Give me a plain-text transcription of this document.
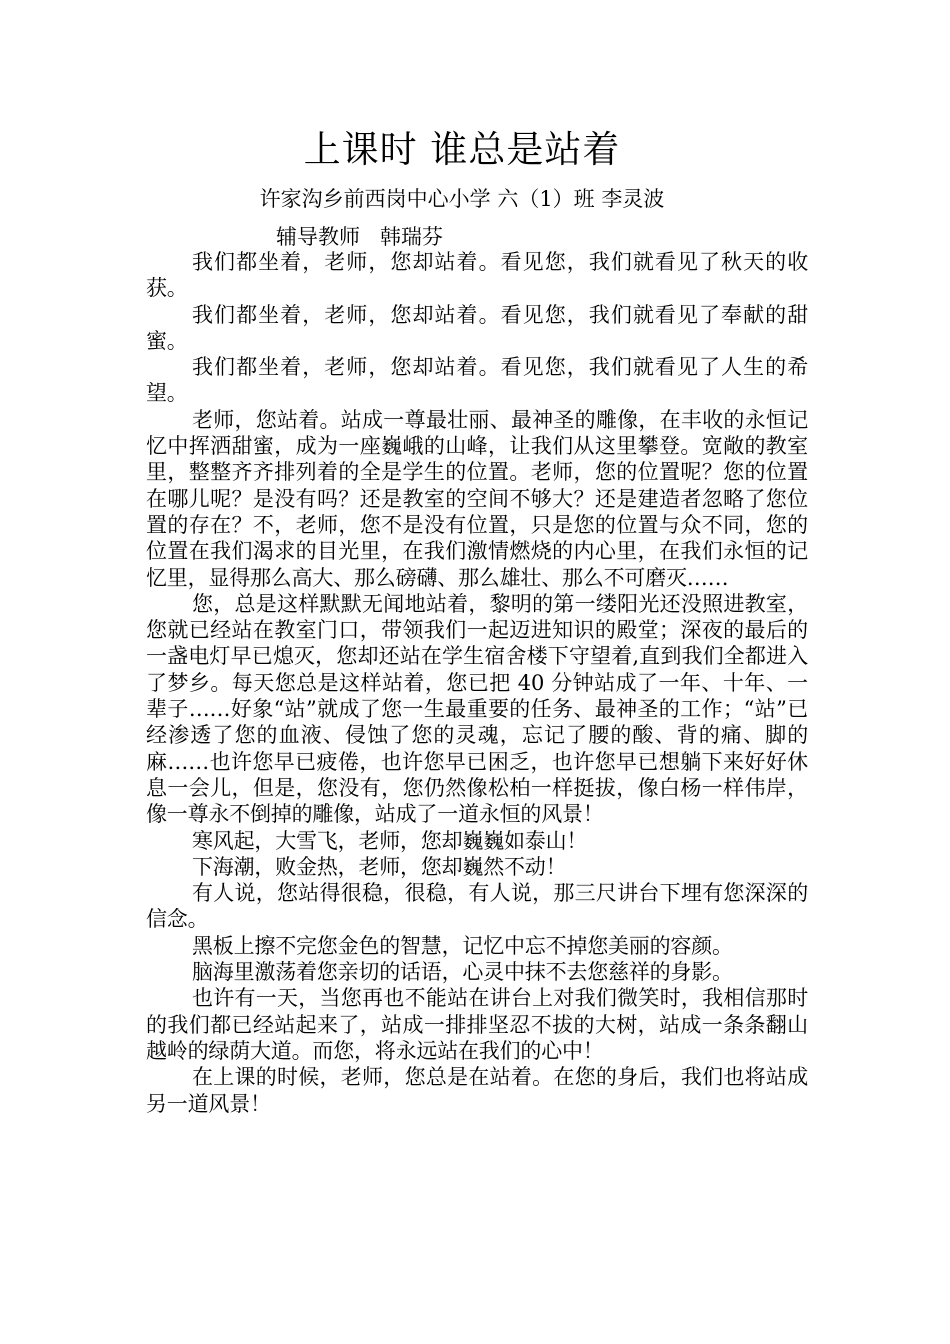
上课时 谁总是站着

许家沟乡前西岗中心小学 六（1）班 李灵波

辅导教师   韩瑞芬

我们都坐着，老师，您却站着。看见您，我们就看见了秋天的收获。

我们都坐着，老师，您却站着。看见您，我们就看见了奉献的甜蜜。

我们都坐着，老师，您却站着。看见您，我们就看见了人生的希望。

老师，您站着。站成一尊最壮丽、最神圣的雕像，在丰收的永恒记忆中挥洒甜蜜，成为一座巍峨的山峰，让我们从这里攀登。宽敞的教室里，整整齐齐排列着的全是学生的位置。老师，您的位置呢？您的位置在哪儿呢？是没有吗？还是教室的空间不够大？还是建造者忽略了您位置的存在？不，老师，您不是没有位置，只是您的位置与众不同，您的位置在我们渴求的目光里，在我们激情燃烧的内心里，在我们永恒的记忆里，显得那么高大、那么磅礴、那么雄壮、那么不可磨灭……

您，总是这样默默无闻地站着，黎明的第一缕阳光还没照进教室，您就已经站在教室门口，带领我们一起迈进知识的殿堂；深夜的最后的一盏电灯早已熄灭，您却还站在学生宿舍楼下守望着,直到我们全都进入了梦乡。每天您总是这样站着，您已把 40 分钟站成了一年、十年、一辈子……好象“站”就成了您一生最重要的任务、最神圣的工作；“站”已经渗透了您的血液、侵蚀了您的灵魂，忘记了腰的酸、背的痛、脚的麻……也许您早已疲倦，也许您早已困乏，也许您早已想躺下来好好休息一会儿，但是，您没有，您仍然像松柏一样挺拔，像白杨一样伟岸，像一尊永不倒掉的雕像，站成了一道永恒的风景！

寒风起，大雪飞，老师，您却巍巍如泰山！

下海潮，败金热，老师，您却巍然不动！

有人说，您站得很稳，很稳，有人说，那三尺讲台下埋有您深深的信念。

黑板上擦不完您金色的智慧，记忆中忘不掉您美丽的容颜。

脑海里激荡着您亲切的话语，心灵中抹不去您慈祥的身影。

也许有一天，当您再也不能站在讲台上对我们微笑时，我相信那时的我们都已经站起来了，站成一排排坚忍不拔的大树，站成一条条翻山越岭的绿荫大道。而您，将永远站在我们的心中！

在上课的时候，老师，您总是在站着。在您的身后，我们也将站成另一道风景！
